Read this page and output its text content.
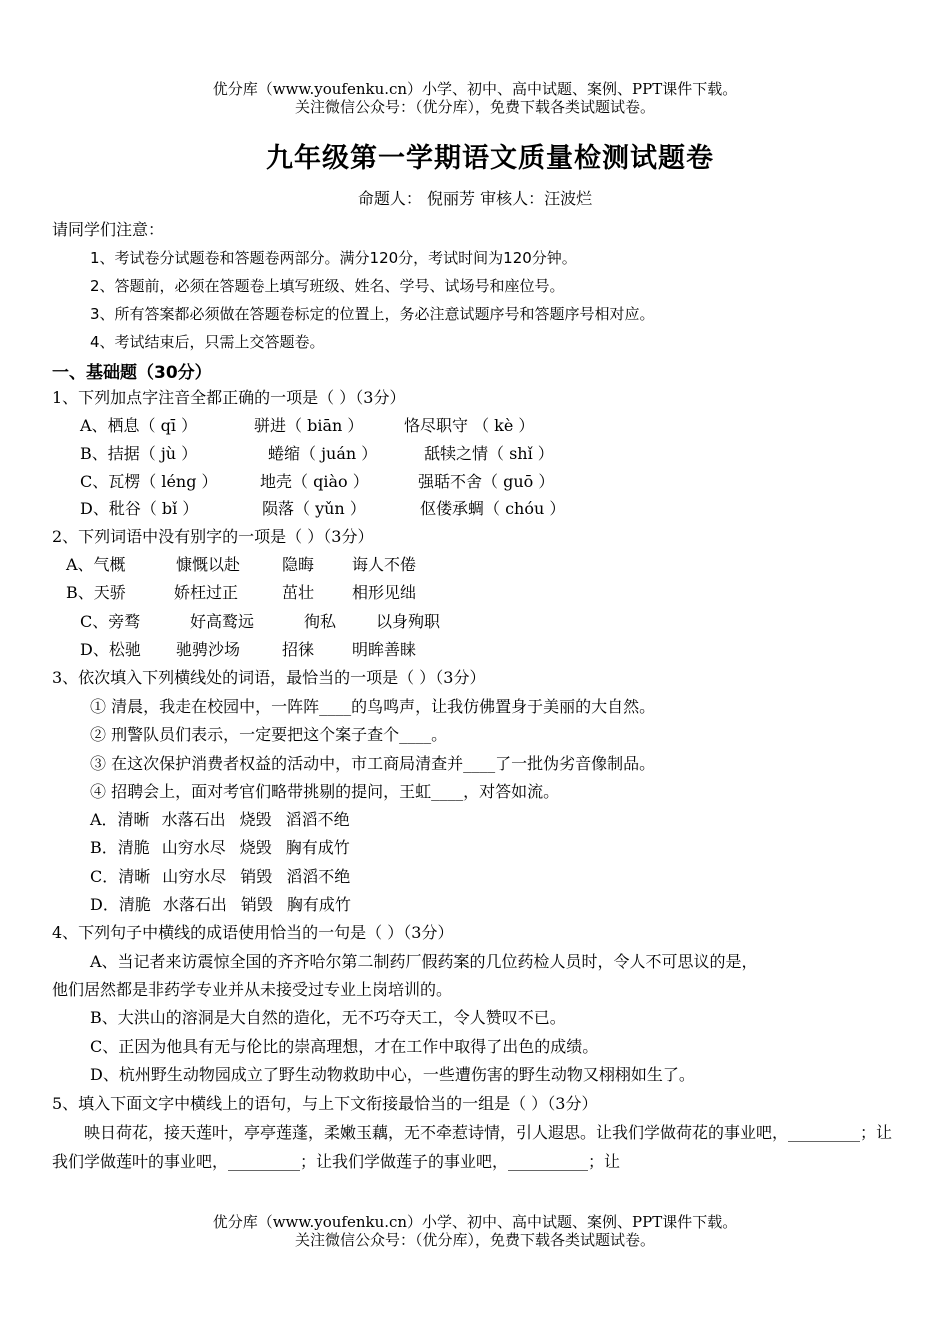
优分库（www.youfenku.cn）小学、初中、高中试题、案例、PPT课件下载。
关注微信公众号：（优分库），免费下载各类试题试卷。
九年级第一学期语文质量检测试题卷
命题人： 倪丽芳 审核人：汪波烂
请同学们注意：
1、考试卷分试题卷和答题卷两部分。满分120分，考试时间为120分钟。
2、答题前，必须在答题卷上填写班级、姓名、学号、试场号和座位号。
3、所有答案都必须做在答题卷标定的位置上，务必注意试题序号和答题序号相对应。
4、考试结束后，只需上交答题卷。
一、基础题（30分）
1、下列加点字注音全都正确的一项是（ ）（3分）
A、栖息（ qī ）	骈进（ biān ）	恪尽职守 （ kè ）
B、拮据（ jù ）	蜷缩（ juán ）	舐犊之情（ shǐ ）
C、瓦楞（ léng ）	地壳（ qiào ）	强聒不舍（ guō ）
D、秕谷（ bǐ ）	陨落（ yǔn ）	伛偻承蜩（ chóu ）
2、下列词语中没有别字的一项是（ ）（3分）
A、气概	慷慨以赴	隐晦 诲人不倦
B、天骄	娇枉过正	茁壮 相形见绌
C、旁骛	好高鹜远	徇私 以身殉职
D、松驰 驰骋沙场	招徕 明眸善睐
3、依次填入下列横线处的词语，最恰当的一项是（ ）（3分）
① 清晨，我走在校园中，一阵阵____的鸟鸣声，让我仿佛置身于美丽的大自然。
② 刑警队员们表示，一定要把这个案子查个____。
③ 在这次保护消费者权益的活动中，市工商局清查并____了一批伪劣音像制品。
④ 招聘会上，面对考官们略带挑剔的提问，王虹____，对答如流。
A．清晰 水落石出 烧毁 滔滔不绝
B．清脆 山穷水尽 烧毁 胸有成竹
C．清晰 山穷水尽 销毁 滔滔不绝
D．清脆 水落石出 销毁 胸有成竹
4、下列句子中横线的成语使用恰当的一句是（ ）（3分）
A、当记者来访震惊全国的齐齐哈尔第二制药厂假药案的几位药检人员时，令人不可思议的是，
他们居然都是非药学专业并从未接受过专业上岗培训的。
B、大洪山的溶洞是大自然的造化，无不巧夺天工，令人赞叹不已。
C、正因为他具有无与伦比的崇高理想，才在工作中取得了出色的成绩。
D、杭州野生动物园成立了野生动物救助中心，一些遭伤害的野生动物又栩栩如生了。
5、填入下面文字中横线上的语句，与上下文衔接最恰当的一组是（ ）（3分）
映日荷花，接天莲叶，亭亭莲蓬，柔嫩玉藕，无不牵惹诗情，引人遐思。让我们学做荷花的事业吧，_________；让我们学做莲叶的事业吧，_________；让我们学做莲子的事业吧，__________；让
优分库（www.youfenku.cn）小学、初中、高中试题、案例、PPT课件下载。
关注微信公众号：（优分库），免费下载各类试题试卷。
